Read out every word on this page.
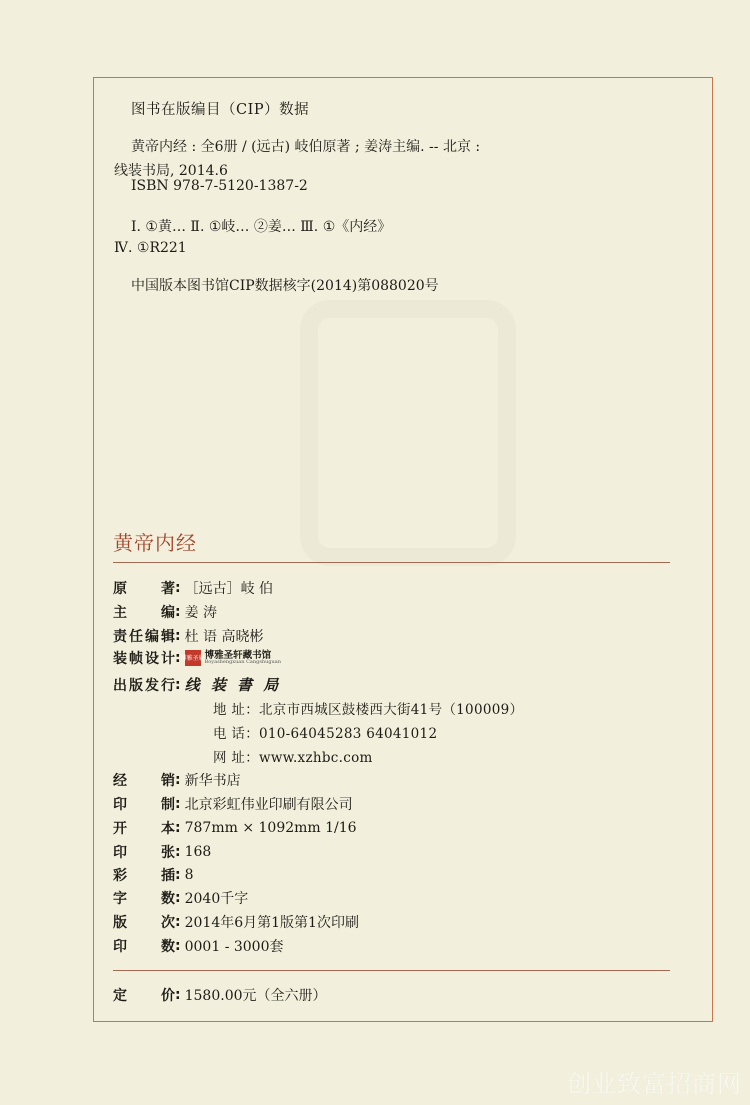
图书在版编目（CIP）数据
黄帝内经 : 全6册 / (远古) 岐伯原著 ; 姜涛主编. -- 北京 :
线装书局, 2014.6
ISBN 978-7-5120-1387-2
Ⅰ. ①黄… Ⅱ. ①岐… ②姜… Ⅲ. ①《内经》
Ⅳ. ①R221
中国版本图书馆CIP数据核字(2014)第088020号
黄帝内经
原 著 : ［远古］岐 伯
主 编 : 姜 涛
责任编辑 : 杜 语 高晓彬
装帧设计 : 博雅圣轩 博雅圣轩藏书馆
Boyashengxuan Cangshuguan
出版发行 : 线 装 書 局
地 址：北京市西城区鼓楼西大街41号（100009）
电 话：010-64045283 64041012
网 址：www.xzhbc.com
经 销 : 新华书店
印 制 : 北京彩虹伟业印刷有限公司
开 本 : 787mm × 1092mm 1/16
印 张 : 168
彩 插 : 8
字 数 : 2040千字
版 次 : 2014年6月第1版第1次印刷
印 数 : 0001 - 3000套
定 价 : 1580.00元（全六册）
创业致富招商网
